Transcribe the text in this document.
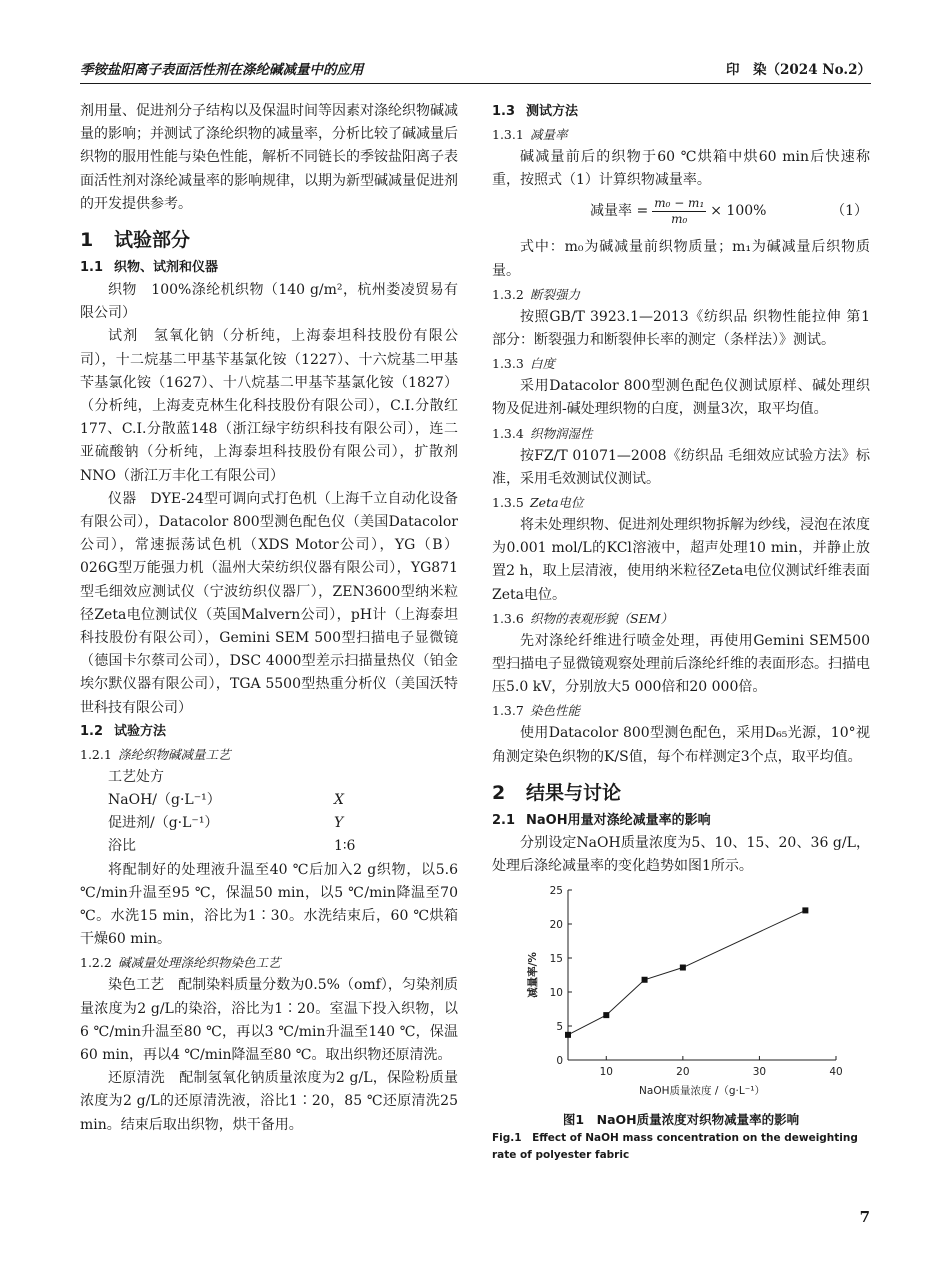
季铵盐阳离子表面活性剂在涤纶碱减量中的应用	印　染（2024 No.2）

剂用量、促进剂分子结构以及保温时间等因素对涤纶织物碱减量的影响；并测试了涤纶织物的减量率，分析比较了碱减量后织物的服用性能与染色性能，解析不同链长的季铵盐阳离子表面活性剂对涤纶减量率的影响规律，以期为新型碱减量促进剂的开发提供参考。

1 试验部分
1.1 织物、试剂和仪器

织物　100%涤纶机织物（140 g/m²，杭州娄凌贸易有限公司）

试剂　氢氧化钠（分析纯，上海泰坦科技股份有限公司），十二烷基二甲基苄基氯化铵（1227）、十六烷基二甲基苄基氯化铵（1627）、十八烷基二甲基苄基氯化铵（1827）（分析纯，上海麦克林生化科技股份有限公司），C.I.分散红177、C.I.分散蓝148（浙江绿宇纺织科技有限公司），连二亚硫酸钠（分析纯，上海泰坦科技股份有限公司），扩散剂NNO（浙江万丰化工有限公司）

仪器　DYE-24型可调向式打色机（上海千立自动化设备有限公司），Datacolor 800型测色配色仪（美国Datacolor公司），常速振荡试色机（XDS Motor公司），YG（B）026G型万能强力机（温州大荣纺织仪器有限公司），YG871型毛细效应测试仪（宁波纺织仪器厂），ZEN3600型纳米粒径Zeta电位测试仪（英国Malvern公司），pH计（上海泰坦科技股份有限公司），Gemini SEM 500型扫描电子显微镜（德国卡尔蔡司公司），DSC 4000型差示扫描量热仪（铂金埃尔默仪器有限公司），TGA 5500型热重分析仪（美国沃特世科技有限公司）

1.2 试验方法
1.2.1 涤纶织物碱减量工艺
工艺处方
NaOH/（g·L⁻¹）	X
促进剂/（g·L⁻¹）	Y
浴比	1∶6

将配制好的处理液升温至40 ℃后加入2 g织物，以5.6 ℃/min升温至95 ℃，保温50 min，以5 ℃/min降温至70 ℃。水洗15 min，浴比为1∶30。水洗结束后，60 ℃烘箱干燥60 min。

1.2.2 碱减量处理涤纶织物染色工艺

染色工艺　配制染料质量分数为0.5%（omf），匀染剂质量浓度为2 g/L的染浴，浴比为1∶20。室温下投入织物，以6 ℃/min升温至80 ℃，再以3 ℃/min升温至140 ℃，保温60 min，再以4 ℃/min降温至80 ℃。取出织物还原清洗。

还原清洗　配制氢氧化钠质量浓度为2 g/L，保险粉质量浓度为2 g/L的还原清洗液，浴比1∶20，85 ℃还原清洗25 min。结束后取出织物，烘干备用。

1.3 测试方法
1.3.1 减量率

碱减量前后的织物于60 ℃烘箱中烘60 min后快速称重，按照式（1）计算织物减量率。

减量率 = $\frac{\text{m₀ − m₁}}{\text{m₀}} \times 100\%$	（1）

式中：m₀为碱减量前织物质量；m₁为碱减量后织物质量。

1.3.2 断裂强力

按照GB/T 3923.1—2013《纺织品 织物性能拉伸 第1部分：断裂强力和断裂伸长率的测定（条样法）》测试。

1.3.3 白度

采用Datacolor 800型测色配色仪测试原样、碱处理织物及促进剂-碱处理织物的白度，测量3次，取平均值。

1.3.4 织物润湿性

按FZ/T 01071—2008《纺织品 毛细效应试验方法》标准，采用毛效测试仪测试。

1.3.5 Zeta电位

将未处理织物、促进剂处理织物拆解为纱线，浸泡在浓度为0.001 mol/L的KCl溶液中，超声处理10 min，并静止放置2 h，取上层清液，使用纳米粒径Zeta电位仪测试纤维表面Zeta电位。

1.3.6 织物的表观形貌（SEM）

先对涤纶纤维进行喷金处理，再使用Gemini SEM500型扫描电子显微镜观察处理前后涤纶纤维的表面形态。扫描电压5.0 kV，分别放大5 000倍和20 000倍。

1.3.7 染色性能

使用Datacolor 800型测色配色，采用D₆₅光源，10°视角测定染色织物的K/S值，每个布样测定3个点，取平均值。

2 结果与讨论
2.1 NaOH用量对涤纶减量率的影响

分别设定NaOH质量浓度为5、10、15、20、36 g/L，处理后涤纶减量率的变化趋势如图1所示。

10	20	30	40
0
5
10
15
20
25
NaOH质量浓度 /（g·L⁻¹）
减量率/%
图1　NaOH质量浓度对织物减量率的影响
Fig.1　Effect of NaOH mass concentration on the deweighting rate of polyester fabric
7
